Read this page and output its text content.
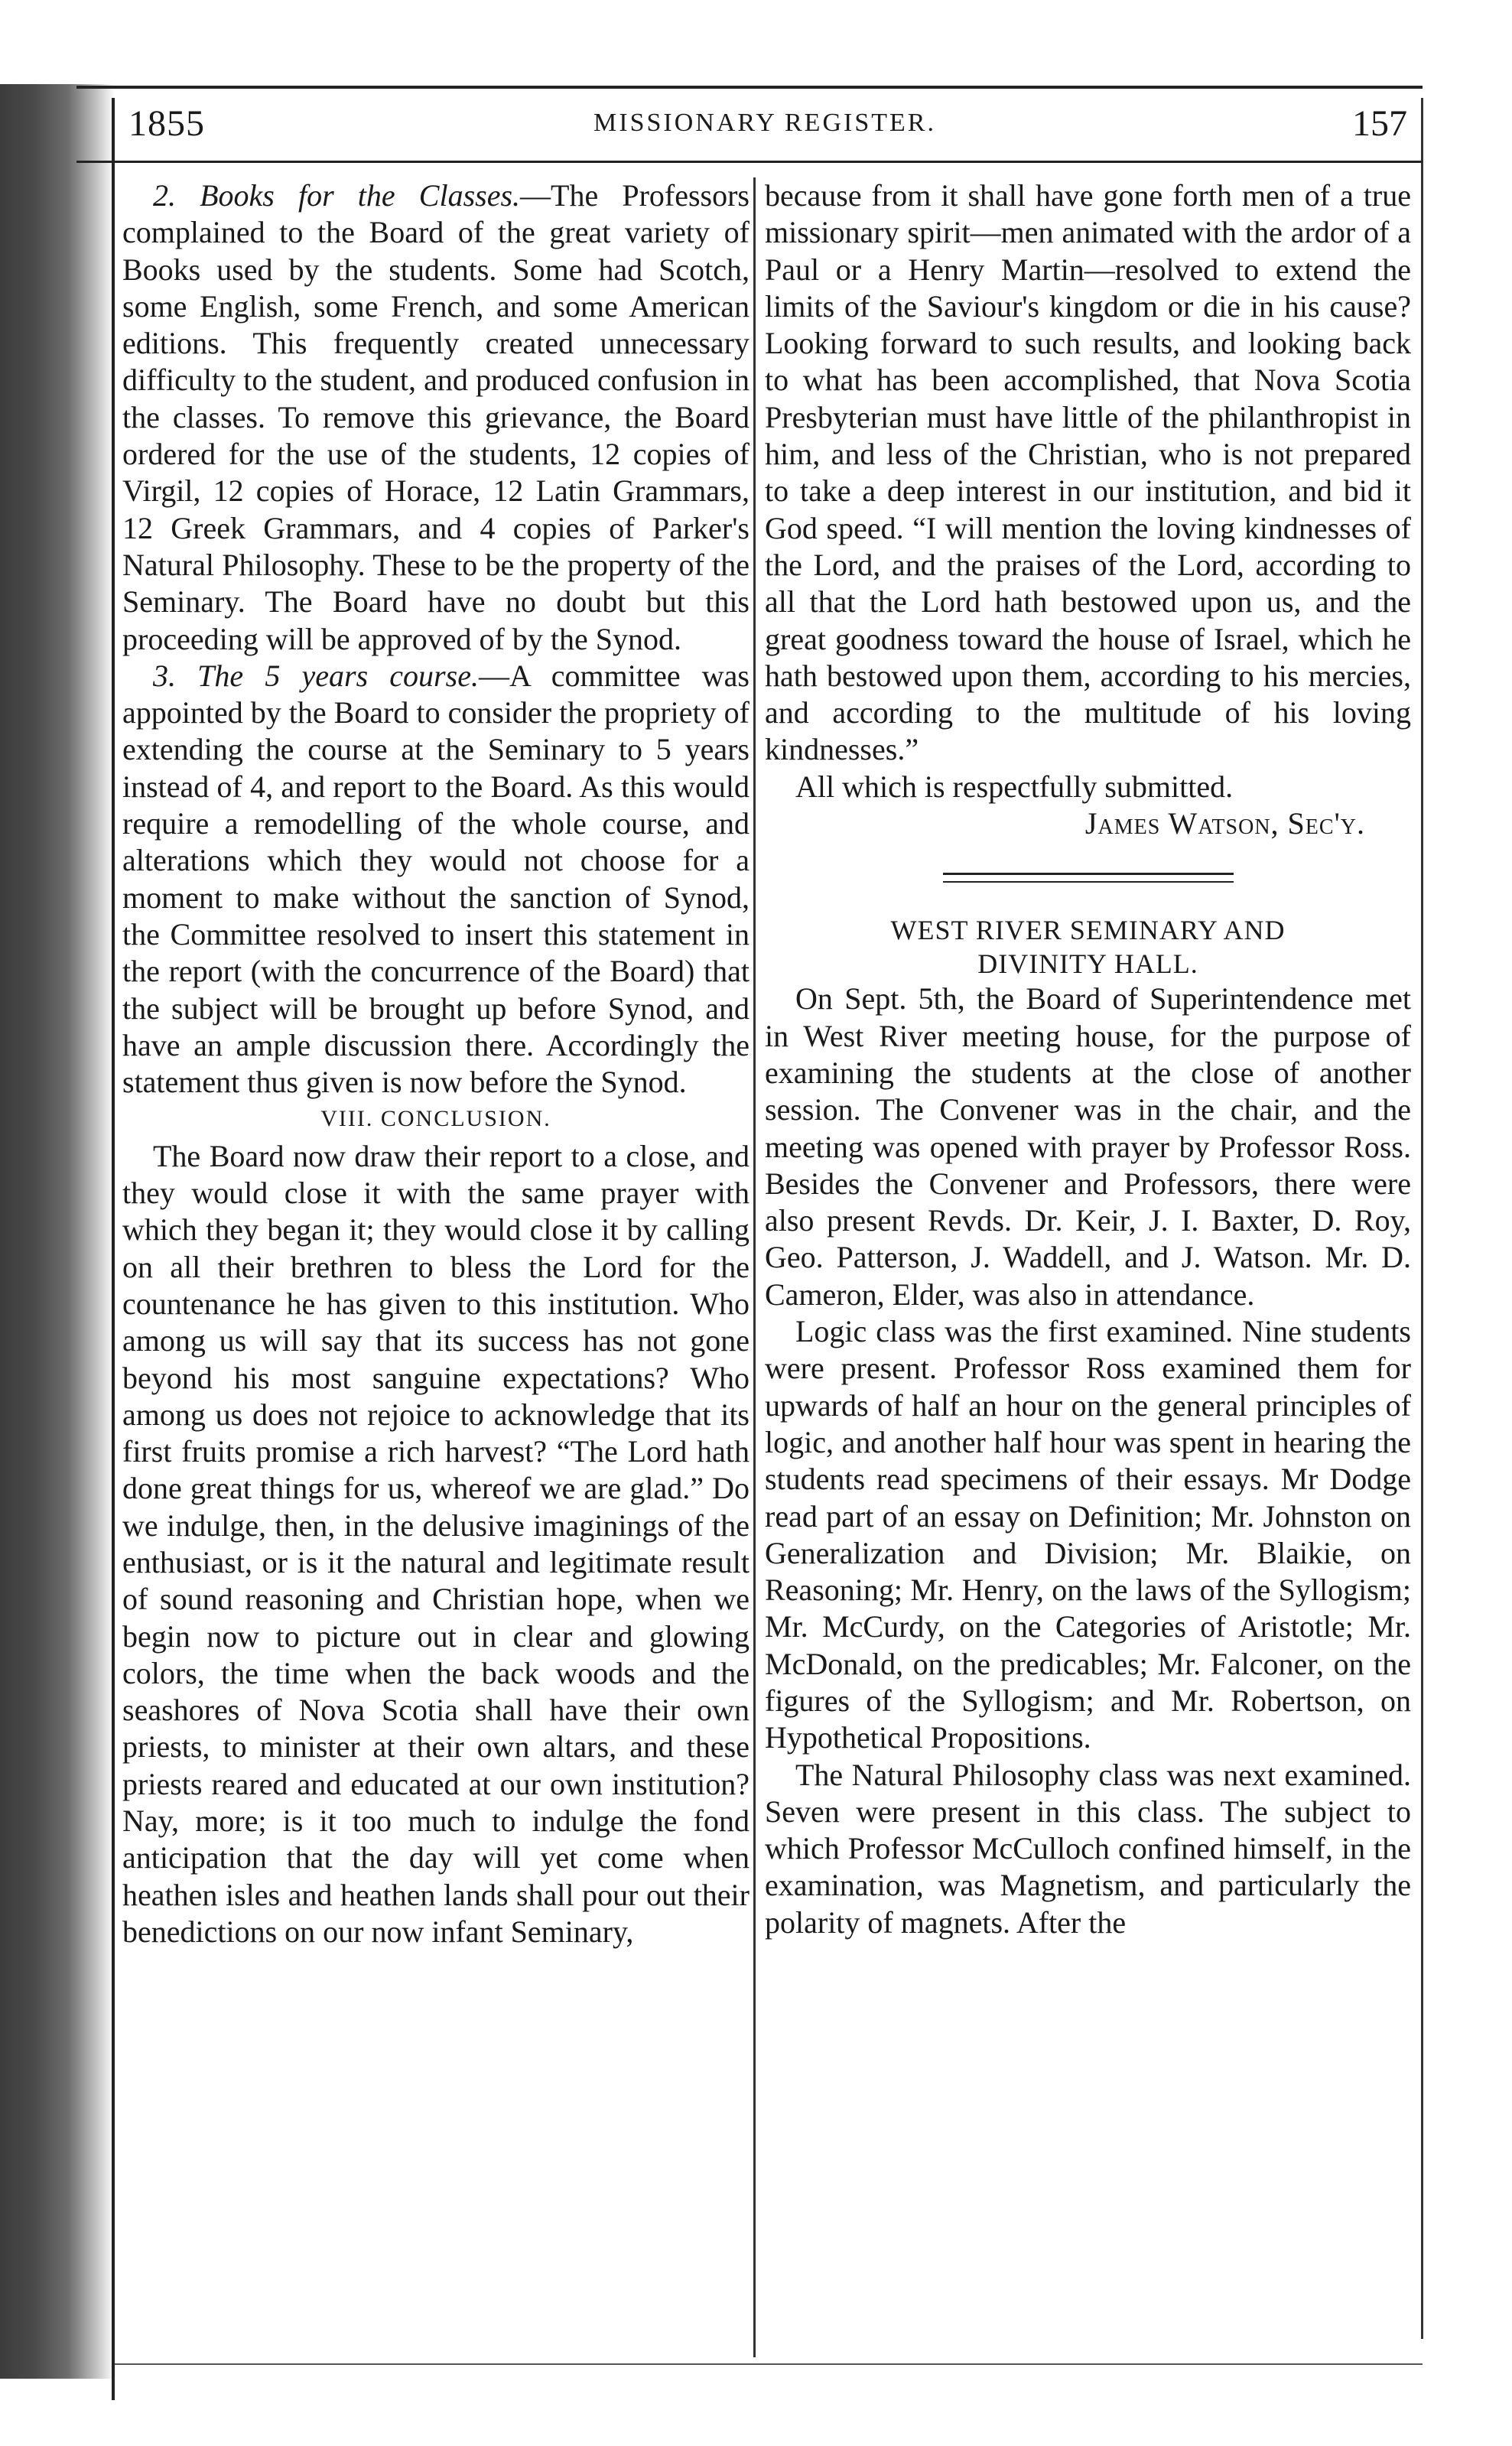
1855	MISSIONARY REGISTER.	157

2. Books for the Classes.—The Professors complained to the Board of the great variety of Books used by the students. Some had Scotch, some English, some French, and some American editions. This frequently created unnecessary difficulty to the student, and produced confusion in the classes. To remove this grievance, the Board ordered for the use of the students, 12 copies of Virgil, 12 copies of Horace, 12 Latin Grammars, 12 Greek Grammars, and 4 copies of Parker's Natural Philosophy. These to be the property of the Seminary. The Board have no doubt but this proceeding will be approved of by the Synod.

3. The 5 years course.—A committee was appointed by the Board to consider the propriety of extending the course at the Seminary to 5 years instead of 4, and report to the Board. As this would require a remodelling of the whole course, and alterations which they would not choose for a moment to make without the sanction of Synod, the Committee resolved to insert this statement in the report (with the concurrence of the Board) that the subject will be brought up before Synod, and have an ample discussion there. Accordingly the statement thus given is now before the Synod.

VIII. CONCLUSION.

The Board now draw their report to a close, and they would close it with the same prayer with which they began it; they would close it by calling on all their brethren to bless the Lord for the countenance he has given to this institution. Who among us will say that its success has not gone beyond his most sanguine expectations? Who among us does not rejoice to acknowledge that its first fruits promise a rich harvest? “The Lord hath done great things for us, whereof we are glad.” Do we indulge, then, in the delusive imaginings of the enthusiast, or is it the natural and legitimate result of sound reasoning and Christian hope, when we begin now to picture out in clear and glowing colors, the time when the back woods and the seashores of Nova Scotia shall have their own priests, to minister at their own altars, and these priests reared and educated at our own institution? Nay, more; is it too much to indulge the fond anticipation that the day will yet come when heathen isles and heathen lands shall pour out their benedictions on our now infant Seminary,

because from it shall have gone forth men of a true missionary spirit—men animated with the ardor of a Paul or a Henry Martin—resolved to extend the limits of the Saviour's kingdom or die in his cause? Looking forward to such results, and looking back to what has been accomplished, that Nova Scotia Presbyterian must have little of the philanthropist in him, and less of the Christian, who is not prepared to take a deep interest in our institution, and bid it God speed. “I will mention the loving kindnesses of the Lord, and the praises of the Lord, according to all that the Lord hath bestowed upon us, and the great goodness toward the house of Israel, which he hath bestowed upon them, according to his mercies, and according to the multitude of his loving kindnesses.”

All which is respectfully submitted.

James Watson, Sec'y.

WEST RIVER SEMINARY AND

DIVINITY HALL.

On Sept. 5th, the Board of Superintendence met in West River meeting house, for the purpose of examining the students at the close of another session. The Convener was in the chair, and the meeting was opened with prayer by Professor Ross. Besides the Convener and Professors, there were also present Revds. Dr. Keir, J. I. Baxter, D. Roy, Geo. Patterson, J. Waddell, and J. Watson. Mr. D. Cameron, Elder, was also in attendance.

Logic class was the first examined. Nine students were present. Professor Ross examined them for upwards of half an hour on the general principles of logic, and another half hour was spent in hearing the students read specimens of their essays. Mr Dodge read part of an essay on Definition; Mr. Johnston on Generalization and Division; Mr. Blaikie, on Reasoning; Mr. Henry, on the laws of the Syllogism; Mr. McCurdy, on the Categories of Aristotle; Mr. McDonald, on the predicables; Mr. Falconer, on the figures of the Syllogism; and Mr. Robertson, on Hypothetical Propositions.

The Natural Philosophy class was next examined. Seven were present in this class. The subject to which Professor McCulloch confined himself, in the examination, was Magnetism, and particularly the polarity of magnets. After the
